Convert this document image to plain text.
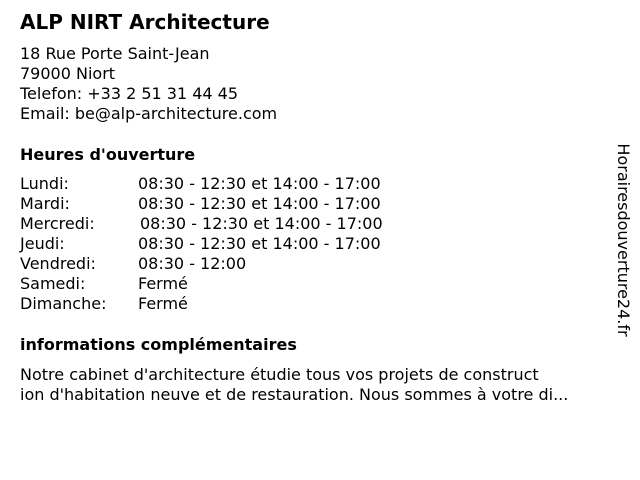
ALP NIRT Architecture
18 Rue Porte Saint-Jean
79000 Niort
Telefon: +33 2 51 31 44 45
Email: be@alp-architecture.com
Heures d'ouverture
Lundi:	08:30 - 12:30 et 14:00 - 17:00
Mardi:	08:30 - 12:30 et 14:00 - 17:00
Mercredi:	08:30 - 12:30 et 14:00 - 17:00
Jeudi:	08:30 - 12:30 et 14:00 - 17:00
Vendredi:	08:30 - 12:00
Samedi:	Fermé
Dimanche: Fermé
informations complémentaires
Notre cabinet d'architecture étudie tous vos projets de construct
ion d'habitation neuve et de restauration. Nous sommes à votre di...
Horairesdouverture24.fr
